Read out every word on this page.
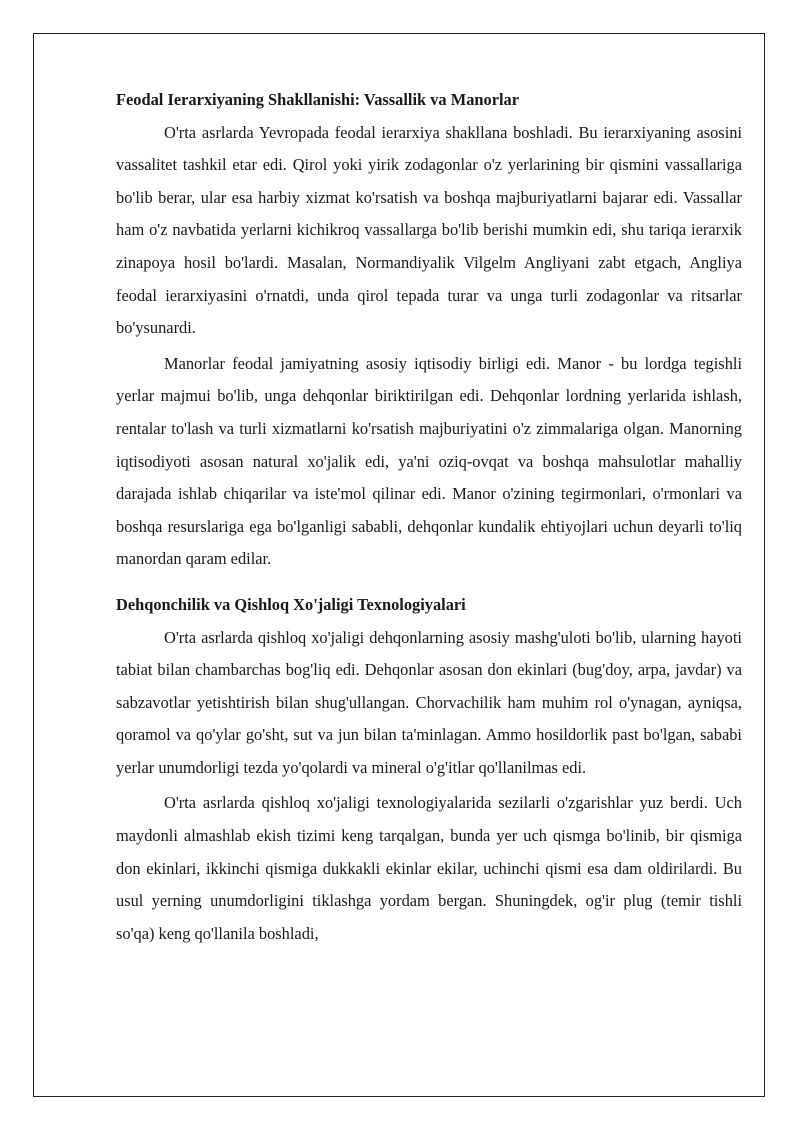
Feodal Ierarxiyaning Shakllanishi: Vassallik va Manorlar

O'rta asrlarda Yevropada feodal ierarxiya shakllana boshladi. Bu ierarxiyaning asosini vassalitet tashkil etar edi. Qirol yoki yirik zodagonlar o'z yerlarining bir qismini vassallariga bo'lib berar, ular esa harbiy xizmat ko'rsatish va boshqa majburiyatlarni bajarar edi. Vassallar ham o'z navbatida yerlarni kichikroq vassallarga bo'lib berishi mumkin edi, shu tariqa ierarxik zinapoya hosil bo'lardi. Masalan, Normandiyalik Vilgelm Angliyani zabt etgach, Angliya feodal ierarxiyasini o'rnatdi, unda qirol tepada turar va unga turli zodagonlar va ritsarlar bo'ysunardi.

Manorlar feodal jamiyatning asosiy iqtisodiy birligi edi. Manor - bu lordga tegishli yerlar majmui bo'lib, unga dehqonlar biriktirilgan edi. Dehqonlar lordning yerlarida ishlash, rentalar to'lash va turli xizmatlarni ko'rsatish majburiyatini o'z zimmalariga olgan. Manorning iqtisodiyoti asosan natural xo'jalik edi, ya'ni oziq-ovqat va boshqa mahsulotlar mahalliy darajada ishlab chiqarilar va iste'mol qilinar edi. Manor o'zining tegirmonlari, o'rmonlari va boshqa resurslariga ega bo'lganligi sababli, dehqonlar kundalik ehtiyojlari uchun deyarli to'liq manordan qaram edilar.

Dehqonchilik va Qishloq Xo'jaligi Texnologiyalari

O'rta asrlarda qishloq xo'jaligi dehqonlarning asosiy mashg'uloti bo'lib, ularning hayoti tabiat bilan chambarchas bog'liq edi. Dehqonlar asosan don ekinlari (bug'doy, arpa, javdar) va sabzavotlar yetishtirish bilan shug'ullangan. Chorvachilik ham muhim rol o'ynagan, ayniqsa, qoramol va qo'ylar go'sht, sut va jun bilan ta'minlagan. Ammo hosildorlik past bo'lgan, sababi yerlar unumdorligi tezda yo'qolardi va mineral o'g'itlar qo'llanilmas edi.

O'rta asrlarda qishloq xo'jaligi texnologiyalarida sezilarli o'zgarishlar yuz berdi. Uch maydonli almashlab ekish tizimi keng tarqalgan, bunda yer uch qismga bo'linib, bir qismiga don ekinlari, ikkinchi qismiga dukkakli ekinlar ekilar, uchinchi qismi esa dam oldirilardi. Bu usul yerning unumdorligini tiklashga yordam bergan. Shuningdek, og'ir plug (temir tishli so'qa) keng qo'llanila boshladi,
